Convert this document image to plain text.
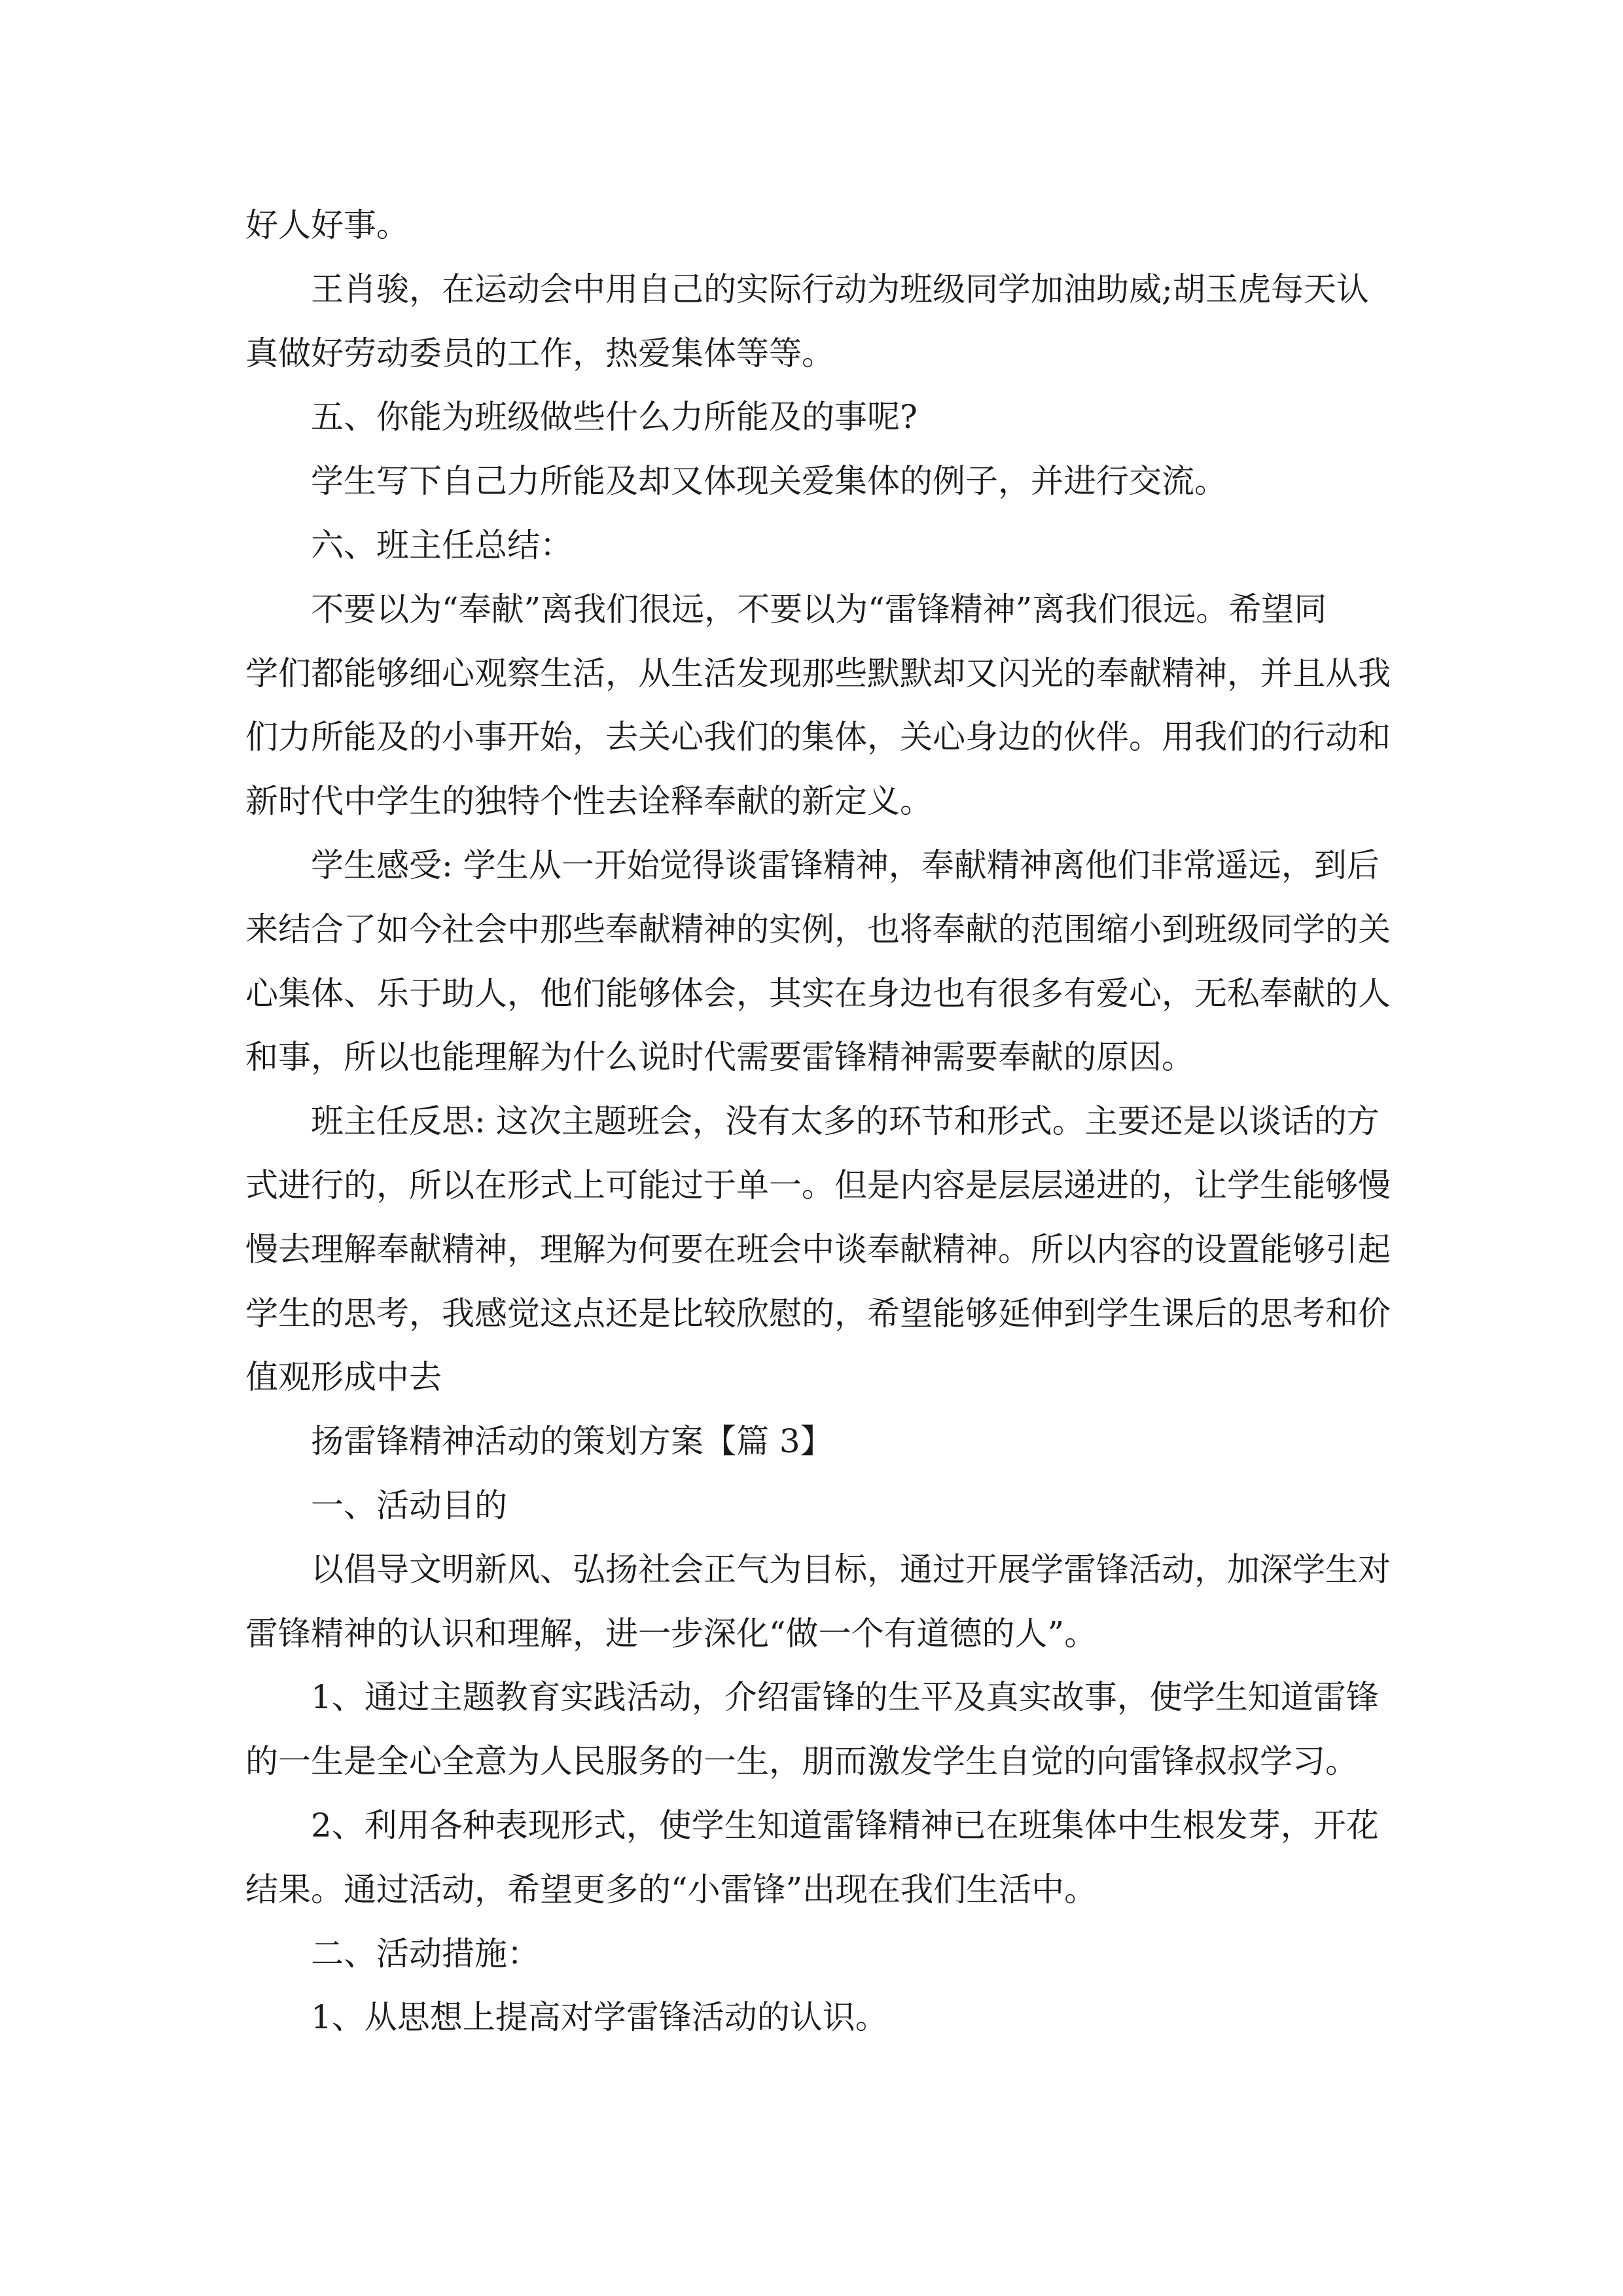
好人好事。
王肖骏，在运动会中用自己的实际行动为班级同学加油助威;胡玉虎每天认
真做好劳动委员的工作，热爱集体等等。
五、你能为班级做些什么力所能及的事呢?
学生写下自己力所能及却又体现关爱集体的例子，并进行交流。
六、班主任总结：
不要以为“奉献”离我们很远，不要以为“雷锋精神”离我们很远。希望同
学们都能够细心观察生活，从生活发现那些默默却又闪光的奉献精神，并且从我
们力所能及的小事开始，去关心我们的集体，关心身边的伙伴。用我们的行动和
新时代中学生的独特个性去诠释奉献的新定义。
学生感受: 学生从一开始觉得谈雷锋精神，奉献精神离他们非常遥远，到后
来结合了如今社会中那些奉献精神的实例，也将奉献的范围缩小到班级同学的关
心集体、乐于助人，他们能够体会，其实在身边也有很多有爱心，无私奉献的人
和事，所以也能理解为什么说时代需要雷锋精神需要奉献的原因。
班主任反思: 这次主题班会，没有太多的环节和形式。主要还是以谈话的方
式进行的，所以在形式上可能过于单一。但是内容是层层递进的，让学生能够慢
慢去理解奉献精神，理解为何要在班会中谈奉献精神。所以内容的设置能够引起
学生的思考，我感觉这点还是比较欣慰的，希望能够延伸到学生课后的思考和价
值观形成中去
扬雷锋精神活动的策划方案【篇 3】
一、活动目的
以倡导文明新风、弘扬社会正气为目标，通过开展学雷锋活动，加深学生对
雷锋精神的认识和理解，进一步深化“做一个有道德的人”。
1、通过主题教育实践活动，介绍雷锋的生平及真实故事，使学生知道雷锋
的一生是全心全意为人民服务的一生，朋而激发学生自觉的向雷锋叔叔学习。
2、利用各种表现形式，使学生知道雷锋精神已在班集体中生根发芽，开花
结果。通过活动，希望更多的“小雷锋”出现在我们生活中。
二、活动措施：
1、从思想上提高对学雷锋活动的认识。
